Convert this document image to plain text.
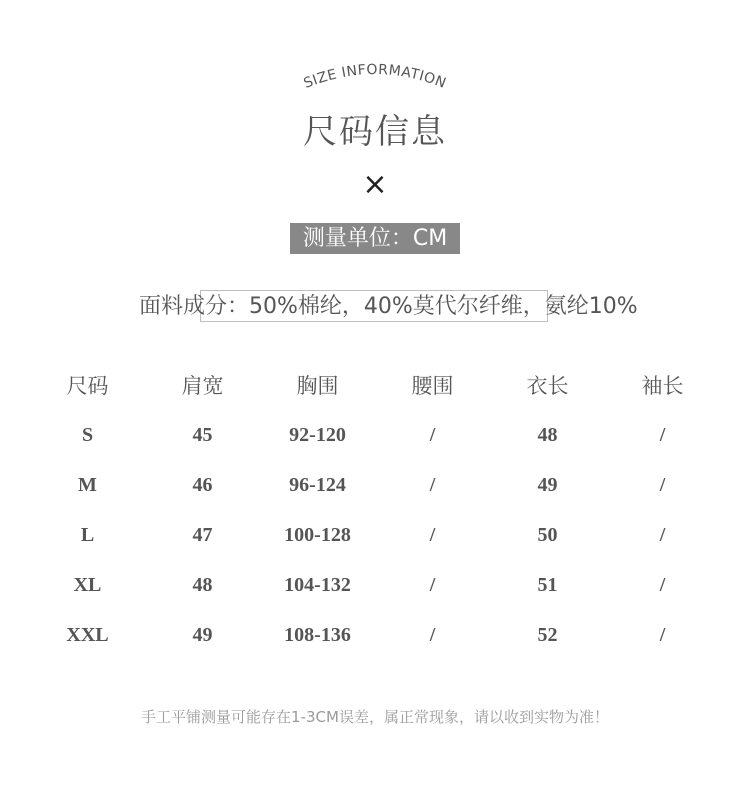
SIZE INFORMATION
尺码信息
×
测量单位：CM
面料成分：50%棉纶，40%莫代尔纤维，氨纶10%
尺码	肩宽	胸围	腰围	衣长	袖长
S	45	92-120	/	48	/
M	46	96-124	/	49	/
L	47	100-128	/	50	/
XL	48	104-132	/	51	/
XXL	49	108-136	/	52	/
手工平铺测量可能存在1-3CM误差，属正常现象，请以收到实物为准！
